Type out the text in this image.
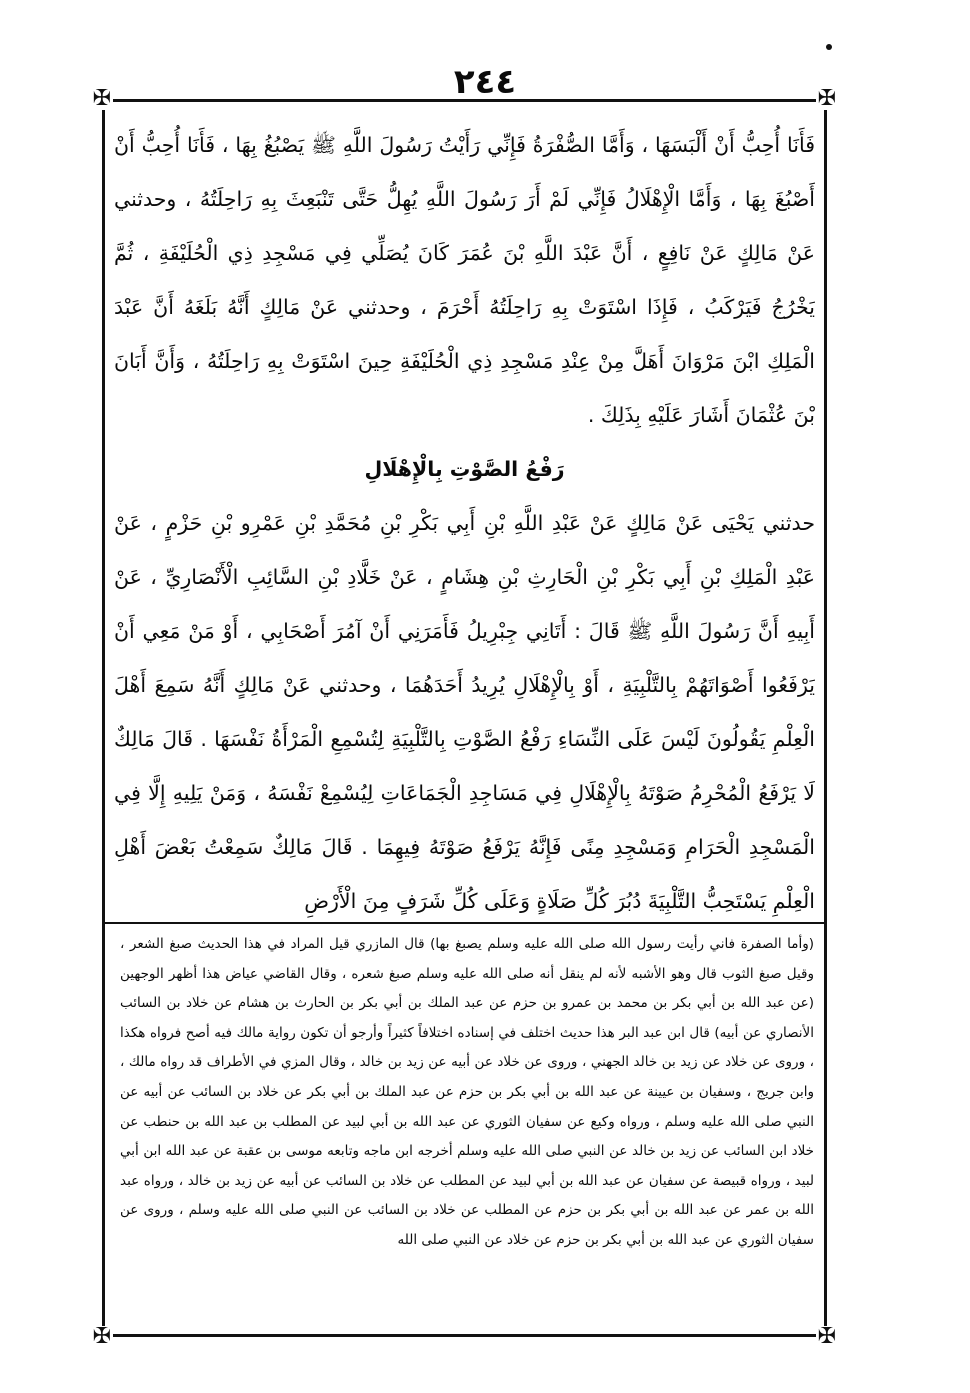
٢٤٤
✠	✠
✠	✠

فَأَنَا أُحِبُّ أَنْ أَلْبَسَهَا ، وَأَمَّا الصُّفْرَةُ فَإِنِّي رَأَيْتُ رَسُولَ اللَّهِ ﷺ يَصْبُغُ بِهَا ، فَأَنَا أُحِبُّ أَنْ أَصْبُغَ بِهَا ، وَأَمَّا الْإِهْلَالُ فَإِنِّي لَمْ أَرَ رَسُولَ اللَّهِ يُهِلُّ حَتَّى تَنْبَعِثَ بِهِ رَاحِلَتُهُ ، وحدثني عَنْ مَالِكٍ عَنْ نَافِعٍ ، أَنَّ عَبْدَ اللَّهِ بْنَ عُمَرَ كَانَ يُصَلِّي فِي مَسْجِدِ ذِي الْحُلَيْفَةِ ، ثُمَّ يَخْرُجُ فَيَرْكَبُ ، فَإِذَا اسْتَوَتْ بِهِ رَاحِلَتُهُ أَحْرَمَ ، وحدثني عَنْ مَالِكٍ أَنَّهُ بَلَغَهُ أَنَّ عَبْدَ الْمَلِكِ ابْنَ مَرْوَانَ أَهَلَّ مِنْ عِنْدِ مَسْجِدِ ذِي الْحُلَيْفَةِ حِينَ اسْتَوَتْ بِهِ رَاحِلَتُهُ ، وَأَنَّ أَبَانَ بْنَ عُثْمَانَ أَشَارَ عَلَيْهِ بِذَلِكَ .

رَفْعُ الصَّوْتِ بِالْإِهْلَالِ

حدثني يَحْيَى عَنْ مَالِكٍ عَنْ عَبْدِ اللَّهِ بْنِ أَبِي بَكْرِ بْنِ مُحَمَّدِ بْنِ عَمْرِو بْنِ حَزْمٍ ، عَنْ عَبْدِ الْمَلِكِ بْنِ أَبِي بَكْرِ بْنِ الْحَارِثِ بْنِ هِشَامٍ ، عَنْ خَلَّادِ بْنِ السَّائِبِ الْأَنْصَارِيِّ ، عَنْ أَبِيهِ أَنَّ رَسُولَ اللَّهِ ﷺ قَالَ : أَتَانِي جِبْرِيلُ فَأَمَرَنِي أَنْ آمُرَ أَصْحَابِي ، أَوْ مَنْ مَعِي أَنْ يَرْفَعُوا أَصْوَاتَهُمْ بِالتَّلْبِيَةِ ، أَوْ بِالْإِهْلَالِ يُرِيدُ أَحَدَهُمَا ، وحدثني عَنْ مَالِكٍ أَنَّهُ سَمِعَ أَهْلَ الْعِلْمِ يَقُولُونَ لَيْسَ عَلَى النِّسَاءِ رَفْعُ الصَّوْتِ بِالتَّلْبِيَةِ لِتُسْمِعِ الْمَرْأَةُ نَفْسَهَا . قَالَ مَالِكٌ لَا يَرْفَعُ الْمُحْرِمُ صَوْتَهُ بِالْإِهْلَالِ فِي مَسَاجِدِ الْجَمَاعَاتِ لِيُسْمِعْ نَفْسَهُ ، وَمَنْ يَلِيهِ إِلَّا فِي الْمَسْجِدِ الْحَرَامِ وَمَسْجِدِ مِنًى فَإِنَّهُ يَرْفَعُ صَوْتَهُ فِيهِمَا . قَالَ مَالِكٌ سَمِعْتُ بَعْضَ أَهْلِ الْعِلْمِ يَسْتَحِبُّ التَّلْبِيَةَ دُبُرَ كُلِّ صَلَاةٍ وَعَلَى كُلِّ شَرَفٍ مِنَ الْأَرْضِ

(وأما الصفرة فاني رأيت رسول الله صلى الله عليه وسلم يصبغ بها) قال المازري قيل المراد في هذا الحديث صبغ الشعر ، وقيل صبغ الثوب قال وهو الأشبه لأنه لم ينقل أنه صلى الله عليه وسلم صبغ شعره ، وقال القاضي عياض هذا أظهر الوجهين (عن عبد الله بن أبي بكر بن محمد بن عمرو بن حزم عن عبد الملك بن أبي بكر بن الحارث بن هشام عن خلاد بن السائب الأنصاري عن أبيه) قال ابن عبد البر هذا حديث اختلف في إسناده اختلافاً كثيراً وأرجو أن تكون رواية مالك فيه أصح فرواه هكذا ، وروى عن خلاد عن زيد بن خالد الجهني ، وروى عن خلاد عن أبيه عن زيد بن خالد ، وقال المزي في الأطراف قد رواه مالك ، وابن جريج ، وسفيان بن عيينة عن عبد الله بن أبي بكر بن حزم عن عبد الملك بن أبي بكر عن خلاد بن السائب عن أبيه عن النبي صلى الله عليه وسلم ، ورواه وكيع عن سفيان الثوري عن عبد الله بن أبي لبيد عن المطلب بن عبد الله بن حنطب عن خلاد ابن السائب عن زيد بن خالد عن النبي صلى الله عليه وسلم أخرجه ابن ماجه وتابعه موسى بن عقبة عن عبد الله ابن أبي لبيد ، ورواه قبيصة عن سفيان عن عبد الله بن أبي لبيد عن المطلب عن خلاد بن السائب عن أبيه عن زيد بن خالد ، ورواه عبد الله بن عمر عن عبد الله بن أبي بكر بن حزم عن المطلب عن خلاد بن السائب عن النبي صلى الله عليه وسلم ، وروى عن سفيان الثوري عن عبد الله بن أبي بكر بن حزم عن خلاد عن النبي صلى الله
